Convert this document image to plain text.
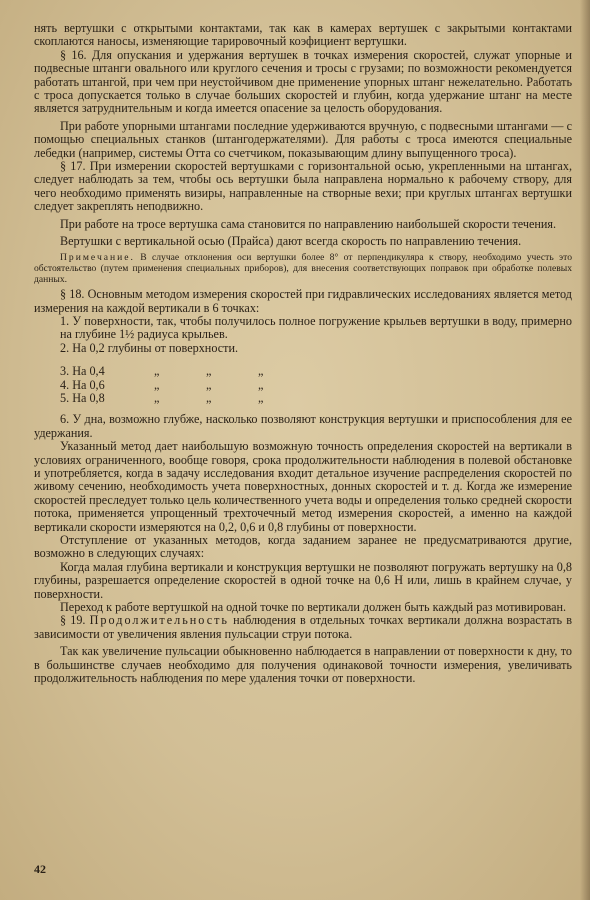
нять вертушки с открытыми контактами, так как в камерах вертушек с закрытыми контактами скоплаются наносы, изменяющие тарировочный коэфициент вертушки.

§ 16. Для опускания и удержания вертушек в точках измерения скоростей, служат упорные и подвесные штанги овального или круглого сечения и тросы с грузами; по возможности рекомендуется работать штангой, при чем при неустойчивом дне применение упорных штанг нежелательно. Работать с троса допускается только в случае больших скоростей и глубин, когда удержание штанг на месте является затруднительным и когда имеется опасение за целость оборудования.

При работе упорными штангами последние удерживаются вручную, с подвесными штангами — с помощью специальных станков (штангодержателями). Для работы с троса имеются специальные лебедки (например, системы Отта со счетчиком, показывающим длину выпущенного троса).

§ 17. При измерении скоростей вертушками с горизонтальной осью, укрепленными на штангах, следует наблюдать за тем, чтобы ось вертушки была направлена нормально к рабочему створу, для чего необходимо применять визиры, направленные на створные вехи; при круглых штангах вертушки следует закреплять неподвижно.

При работе на тросе вертушка сама становится по направлению наибольшей скорости течения.

Вертушки с вертикальной осью (Прайса) дают всегда скорость по направлению течения.

Примечание. В случае отклонения оси вертушки более 8° от перпендикуляра к створу, необходимо учесть это обстоятельство (путем применения специальных приборов), для внесения соответствующих поправок при обработке полевых данных.

§ 18. Основным методом измерения скоростей при гидравлических исследованиях является метод измерения на каждой вертикали в 6 точках:

1. У поверхности, так, чтобы получилось полное погружение крыльев вертушки в воду, примерно на глубине 1½ радиуса крыльев.

2. На 0,2 глубины от поверхности.

3. На 0,4	„	„	„
4. На 0,6	„	„	„
5. На 0,8	„	„	„

6. У дна, возможно глубже, насколько позволяют конструкция вертушки и приспособления для ее удержания.

Указанный метод дает наибольшую возможную точность определения скоростей на вертикали в условиях ограниченного, вообще говоря, срока продолжительности наблюдения в полевой обстановке и употребляется, когда в задачу исследования входит детальное изучение распределения скоростей по живому сечению, необходимость учета поверхностных, донных скоростей и т. д. Когда же измерение скоростей преследует только цель количественного учета воды и определения только средней скорости потока, применяется упрощенный трехточечный метод измерения скоростей, а именно на каждой вертикали скорости измеряются на 0,2, 0,6 и 0,8 глубины от поверхности.

Отступление от указанных методов, когда заданием заранее не предусматриваются другие, возможно в следующих случаях:

Когда малая глубина вертикали и конструкция вертушки не позволяют погружать вертушку на 0,8 глубины, разрешается определение скоростей в одной точке на 0,6 H или, лишь в крайнем случае, у поверхности.

Переход к работе вертушкой на одной точке по вертикали должен быть каждый раз мотивирован.

§ 19. Продолжительность наблюдения в отдельных точках вертикали должна возрастать в зависимости от увеличения явления пульсации струи потока.

Так как увеличение пульсации обыкновенно наблюдается в направлении от поверхности к дну, то в большинстве случаев необходимо для получения одинаковой точности измерения, увеличивать продолжительность наблюдения по мере удаления точки от поверхности.

42
